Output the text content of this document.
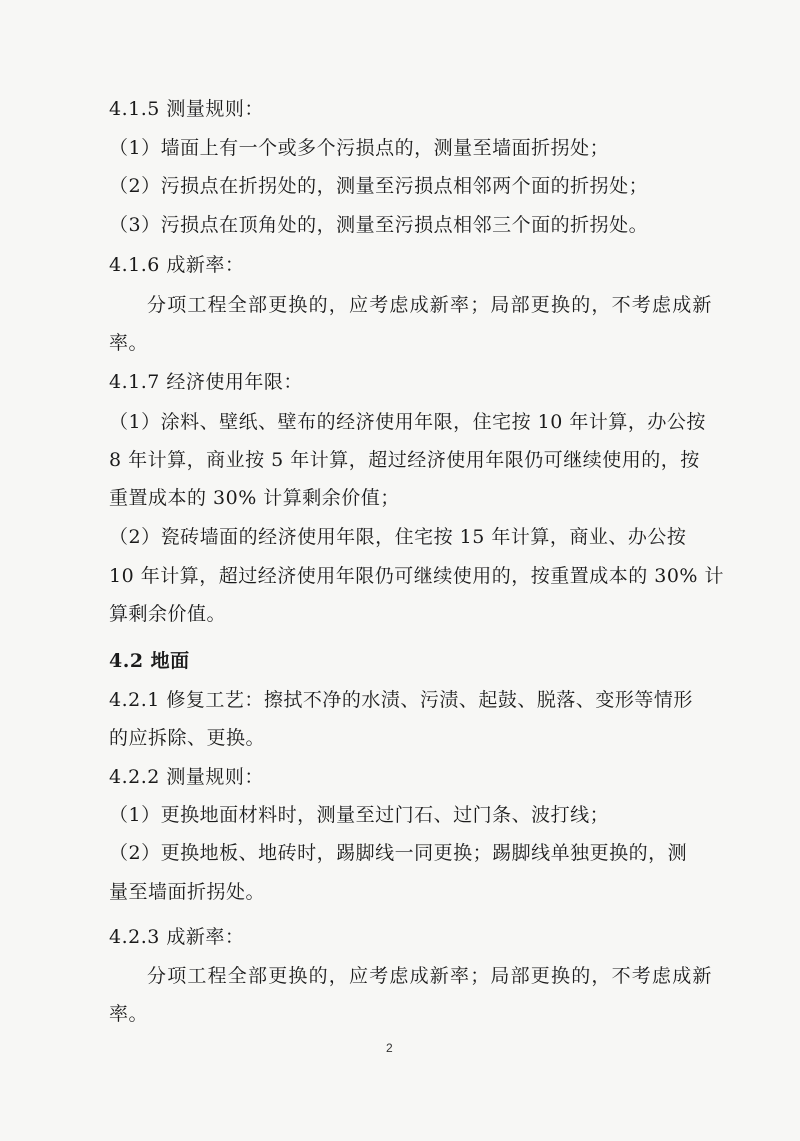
4.1.5 测量规则：

（1）墙面上有一个或多个污损点的，测量至墙面折拐处；

（2）污损点在折拐处的，测量至污损点相邻两个面的折拐处；

（3）污损点在顶角处的，测量至污损点相邻三个面的折拐处。

4.1.6 成新率：

分项工程全部更换的，应考虑成新率；局部更换的，不考虑成新

率。

4.1.7 经济使用年限：

（1）涂料、壁纸、壁布的经济使用年限，住宅按 10 年计算，办公按

8 年计算，商业按 5 年计算，超过经济使用年限仍可继续使用的，按

重置成本的 30% 计算剩余价值；

（2）瓷砖墙面的经济使用年限，住宅按 15 年计算，商业、办公按

10 年计算，超过经济使用年限仍可继续使用的，按重置成本的 30% 计

算剩余价值。

4.2 地面

4.2.1 修复工艺：擦拭不净的水渍、污渍、起鼓、脱落、变形等情形

的应拆除、更换。

4.2.2 测量规则：

（1）更换地面材料时，测量至过门石、过门条、波打线；

（2）更换地板、地砖时，踢脚线一同更换；踢脚线单独更换的，测

量至墙面折拐处。

4.2.3 成新率：

分项工程全部更换的，应考虑成新率；局部更换的，不考虑成新

率。

2
